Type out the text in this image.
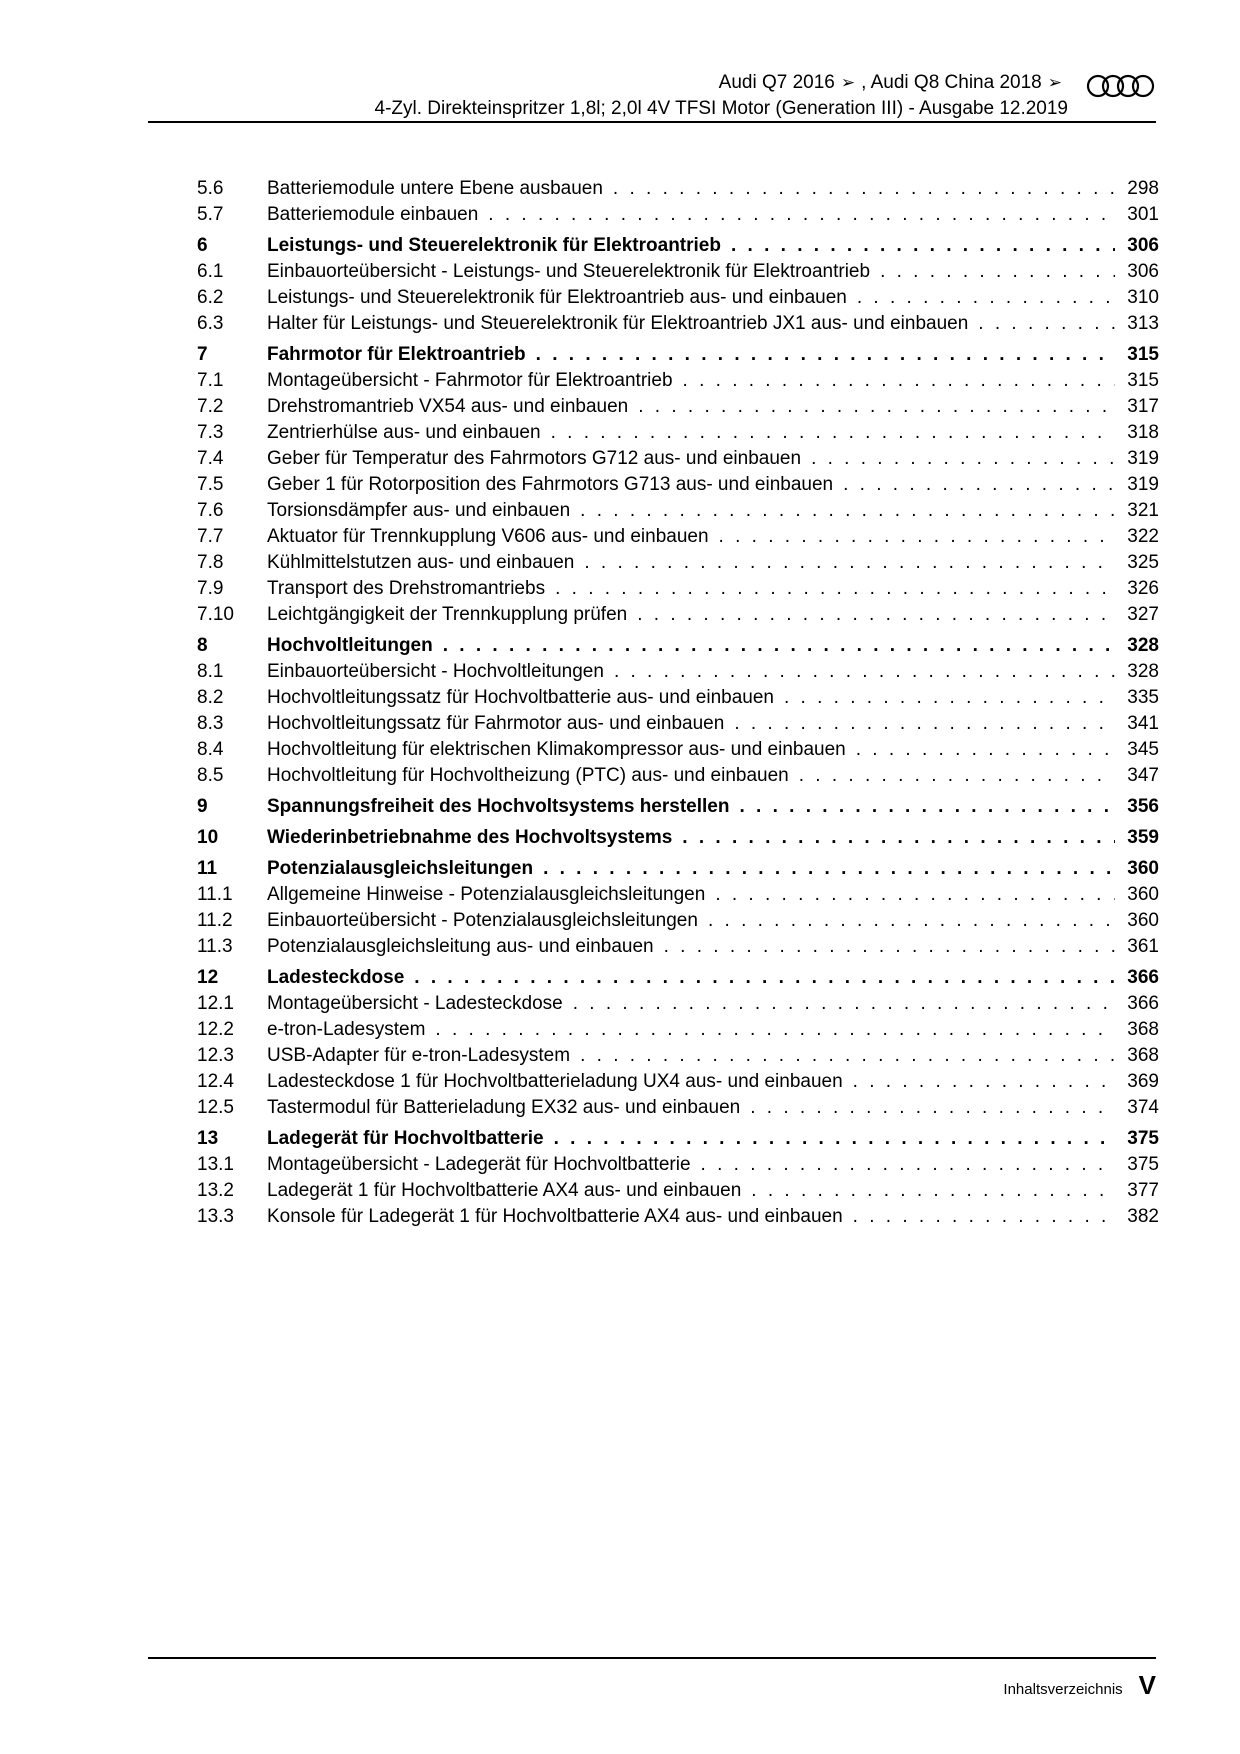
Audi Q7 2016 ➢ , Audi Q8 China 2018 ➢
4-Zyl. Direkteinspritzer 1,8l; 2,0l 4V TFSI Motor (Generation III) - Ausgabe 12.2019
5.6	Batteriemodule untere Ebene ausbauen . . .	298
5.7	Batteriemodule einbauen . . .	301
6	Leistungs- und Steuerelektronik für Elektroantrieb . . .	306
6.1	Einbauorteübersicht - Leistungs- und Steuerelektronik für Elektroantrieb . . .	306
6.2	Leistungs- und Steuerelektronik für Elektroantrieb aus- und einbauen . . .	310
6.3	Halter für Leistungs- und Steuerelektronik für Elektroantrieb JX1 aus- und einbauen . . .	313
7	Fahrmotor für Elektroantrieb . . .	315
7.1	Montageübersicht - Fahrmotor für Elektroantrieb . . .	315
7.2	Drehstromantrieb VX54 aus- und einbauen . . .	317
7.3	Zentrierhülse aus- und einbauen . . .	318
7.4	Geber für Temperatur des Fahrmotors G712 aus- und einbauen . . .	319
7.5	Geber 1 für Rotorposition des Fahrmotors G713 aus- und einbauen . . .	319
7.6	Torsionsdämpfer aus- und einbauen . . .	321
7.7	Aktuator für Trennkupplung V606 aus- und einbauen . . .	322
7.8	Kühlmittelstutzen aus- und einbauen . . .	325
7.9	Transport des Drehstromantriebs . . .	326
7.10	Leichtgängigkeit der Trennkupplung prüfen . . .	327
8	Hochvoltleitungen . . .	328
8.1	Einbauorteübersicht - Hochvoltleitungen . . .	328
8.2	Hochvoltleitungssatz für Hochvoltbatterie aus- und einbauen . . .	335
8.3	Hochvoltleitungssatz für Fahrmotor aus- und einbauen . . .	341
8.4	Hochvoltleitung für elektrischen Klimakompressor aus- und einbauen . . .	345
8.5	Hochvoltleitung für Hochvoltheizung (PTC) aus- und einbauen . . .	347
9	Spannungsfreiheit des Hochvoltsystems herstellen . . .	356
10	Wiederinbetriebnahme des Hochvoltsystems . . .	359
11	Potenzialausgleichsleitungen . . .	360
11.1	Allgemeine Hinweise - Potenzialausgleichsleitungen . . .	360
11.2	Einbauorteübersicht - Potenzialausgleichsleitungen . . .	360
11.3	Potenzialausgleichsleitung aus- und einbauen . . .	361
12	Ladesteckdose . . .	366
12.1	Montageübersicht - Ladesteckdose . . .	366
12.2	e-tron-Ladesystem . . .	368
12.3	USB-Adapter für e-tron-Ladesystem . . .	368
12.4	Ladesteckdose 1 für Hochvoltbatterieladung UX4 aus- und einbauen . . .	369
12.5	Tastermodul für Batterieladung EX32 aus- und einbauen . . .	374
13	Ladegerät für Hochvoltbatterie . . .	375
13.1	Montageübersicht - Ladegerät für Hochvoltbatterie . . .	375
13.2	Ladegerät 1 für Hochvoltbatterie AX4 aus- und einbauen . . .	377
13.3	Konsole für Ladegerät 1 für Hochvoltbatterie AX4 aus- und einbauen . . .	382
Inhaltsverzeichnis V
